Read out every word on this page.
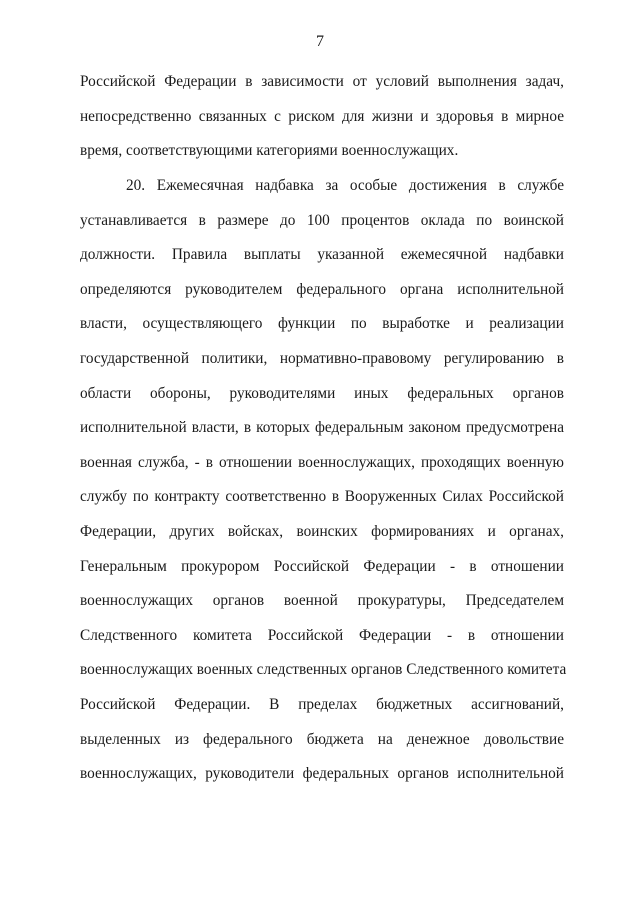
7
Российской Федерации в зависимости от условий выполнения задач,
непосредственно связанных с риском для жизни и здоровья в мирное
время, соответствующими категориями военнослужащих.
20. Ежемесячная надбавка за особые достижения в службе
устанавливается в размере до 100 процентов оклада по воинской
должности. Правила выплаты указанной ежемесячной надбавки
определяются руководителем федерального органа исполнительной
власти, осуществляющего функции по выработке и реализации
государственной политики, нормативно-правовому регулированию в
области обороны, руководителями иных федеральных органов
исполнительной власти, в которых федеральным законом предусмотрена
военная служба, - в отношении военнослужащих, проходящих военную
службу по контракту соответственно в Вооруженных Силах Российской
Федерации, других войсках, воинских формированиях и органах,
Генеральным прокурором Российской Федерации - в отношении
военнослужащих органов военной прокуратуры, Председателем
Следственного комитета Российской Федерации - в отношении
военнослужащих военных следственных органов Следственного комитета
Российской Федерации. В пределах бюджетных ассигнований,
выделенных из федерального бюджета на денежное довольствие
военнослужащих, руководители федеральных органов исполнительной
